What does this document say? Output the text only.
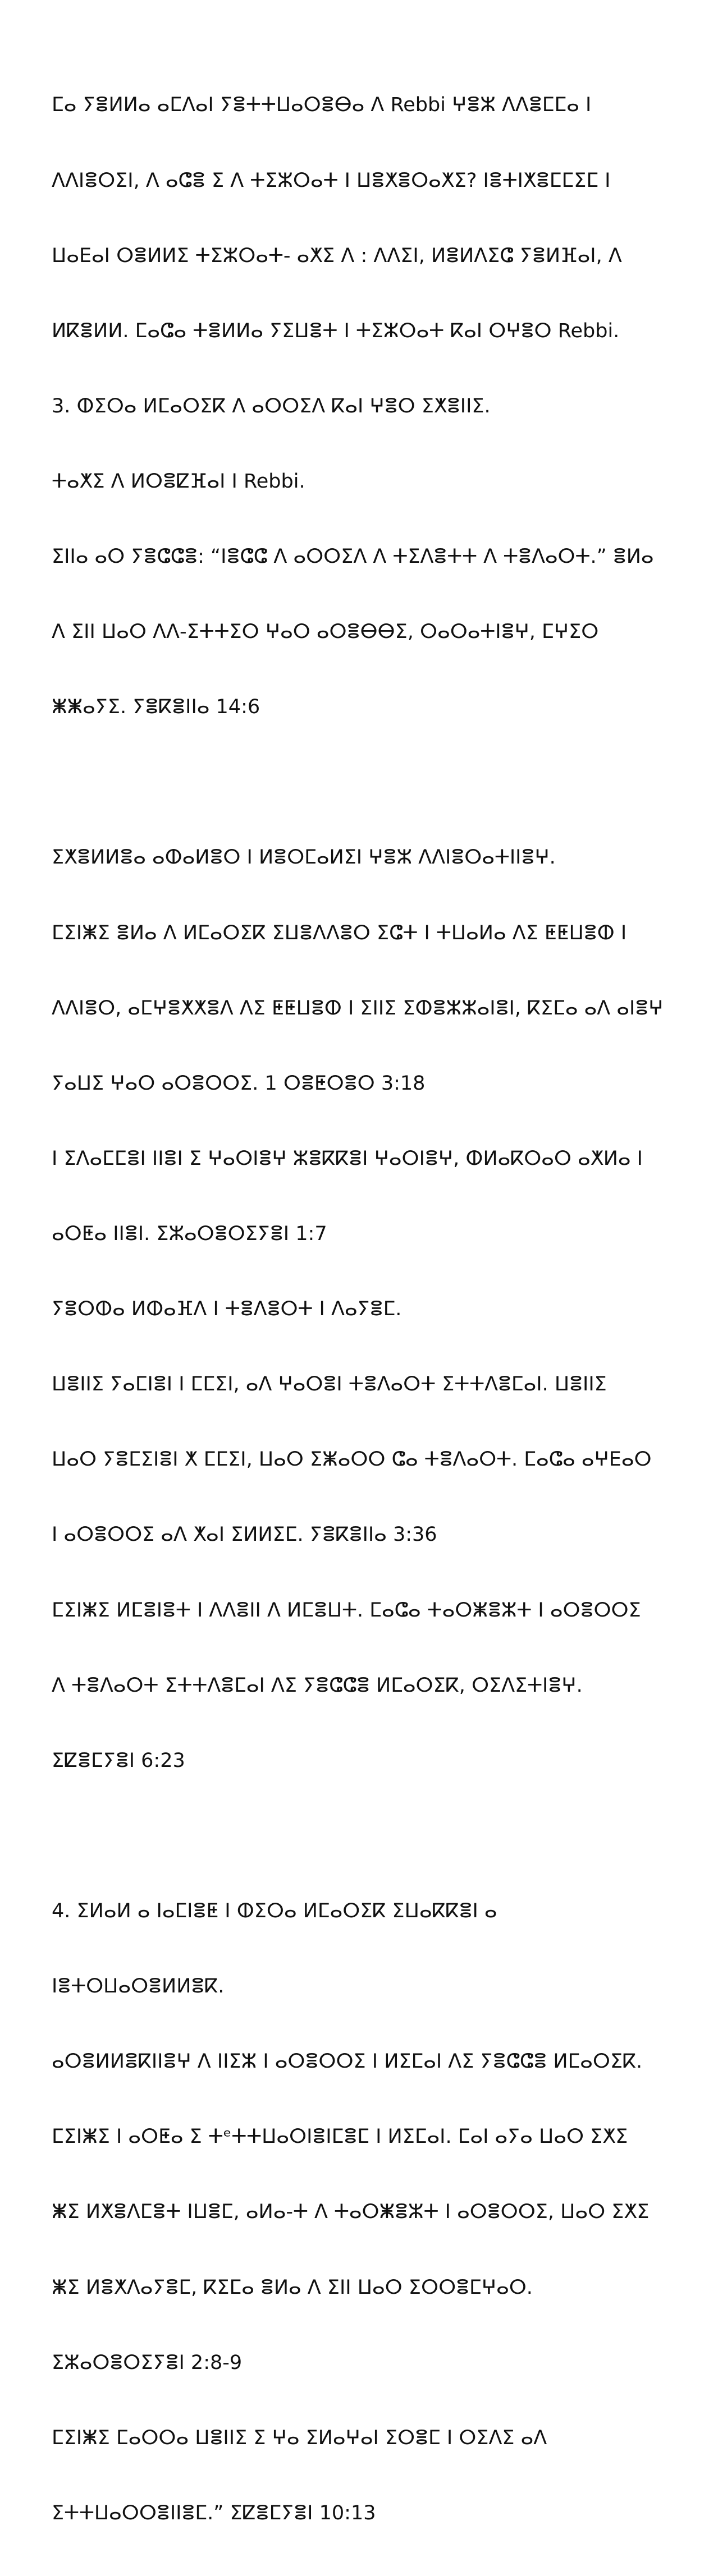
ⵎⴰ ⵢⴻⵍⵍⴰ ⴰⵎⴷⴰⵏ ⵢⴻⵜⵜⵡⴰⵔⴻⴱⴰ ⴷ Rebbi ⵖⴻⵣ ⴷⴷⴻⵎⵎⴰ ⵏ

ⴷⴷⵏⴻⵔⵉⵏ, ⴷ ⴰⵛⴻ ⵉ ⴷ ⵜⵉⵣⵔⴰⵜ ⵏ ⵡⴻⵅⴻⵔⴰⵅⵉ? ⵏⴻⵜⵏⵅⴻⵎⵎⵉⵎ ⵏ

ⵡⴰⴹⴰⵏ ⵔⴻⵍⵍⵉ ⵜⵉⵣⵔⴰⵜ- ⴰⵅⵉ ⴷ : ⴷⴷⵉⵏ, ⵍⴻⵍⴷⵉⵛ ⵢⴻⵍⴼⴰⵏ, ⴷ

ⵍⴽⴻⵍⵍ. ⵎⴰⵛⴰ ⵜⴻⵍⵍⴰ ⵢⵉⵡⴻⵜ ⵏ ⵜⵉⵣⵔⴰⵜ ⴽⴰⵏ ⵔⵖⴻⵔ Rebbi.

3. ⵀⵉⵔⴰ ⵍⵎⴰⵔⵉⴽ ⴷ ⴰⵔⵔⵉⴷ ⴽⴰⵏ ⵖⴻⵔ ⵉⵅⴻⵏⵏⵉ.

ⵜⴰⵅⵉ ⴷ ⵍⵔⴻⵇⴼⴰⵏ ⵏ Rebbi.

ⵉⵏⵏⴰ ⴰⵔ ⵢⴻⵛⵛⴻ: “ⵏⴻⵛⵛ ⴷ ⴰⵔⵔⵉⴷ ⴷ ⵜⵉⴷⴻⵜⵜ ⴷ ⵜⴻⴷⴰⵔⵜ.” ⴻⵍⴰ

ⴷ ⵉⵏⵏ ⵡⴰⵔ ⴷⴷ-ⵉⵜⵜⵉⵔ ⵖⴰⵔ ⴰⵔⴻⴱⴱⵉ, ⵔⴰⵔⴰⵜⵏⴻⵖ, ⵎⵖⵉⵔ

ⵥⵥⴰⵢⵉ. ⵢⴻⴽⴻⵏⵏⴰ 14:6

ⵉⵅⴻⵍⵍⴻⴰ ⴰⵀⴰⵍⴻⵔ ⵏ ⵍⴻⵔⵎⴰⵍⵉⵏ ⵖⴻⵣ ⴷⴷⵏⴻⵔⴰⵜⵏⵏⴻⵖ.

ⵎⵉⵏⵥⵉ ⴻⵍⴰ ⴷ ⵍⵎⴰⵔⵉⴽ ⵉⵡⴻⴷⴷⴻⵔ ⵉⵛⵜ ⵏ ⵜⵡⴰⵍⴰ ⴷⵉ ⵟⵟⵡⴻⵀ ⵏ

ⴷⴷⵏⴻⵔ, ⴰⵎⵖⴻⵅⵅⴻⴷ ⴷⵉ ⵟⵟⵡⴻⵀ ⵏ ⵉⵏⵏⵉ ⵉⵀⴻⵣⵣⴰⵏⴻⵏ, ⴽⵉⵎⴰ ⴰⴷ ⴰⵏⴻⵖ

ⵢⴰⵡⵉ ⵖⴰⵔ ⴰⵔⴻⵔⵔⵉ. 1 ⵔⴻⵟⵔⴻⵔ 3:18

ⵏ ⵉⴷⴰⵎⵎⴻⵏ ⵏⵏⴻⵏ ⵉ ⵖⴰⵔⵏⴻⵖ ⵣⴻⴽⴽⴻⵏ ⵖⴰⵔⵏⴻⵖ, ⵀⵍⴰⴽⵔⴰⵔ ⴰⵅⵍⴰ ⵏ

ⴰⵔⵟⴰ ⵏⵏⴻⵏ. ⵉⵣⴰⵔⴻⵔⵉⵢⴻⵏ 1:7

ⵢⴻⵔⵀⴰ ⵍⵀⴰⴼⴷ ⵏ ⵜⴻⴷⴻⵔⵜ ⵏ ⴷⴰⵢⴻⵎ.

ⵡⴻⵏⵏⵉ ⵢⴰⵎⵏⴻⵏ ⵏ ⵎⵎⵉⵏ, ⴰⴷ ⵖⴰⵔⴻⵏ ⵜⴻⴷⴰⵔⵜ ⵉⵜⵜⴷⴻⵎⴰⵏ. ⵡⴻⵏⵏⵉ

ⵡⴰⵔ ⵢⴻⵎⵉⵏⴻⵏ ⵅ ⵎⵎⵉⵏ, ⵡⴰⵔ ⵉⵥⴰⵔⵔ ⵛⴰ ⵜⴻⴷⴰⵔⵜ. ⵎⴰⵛⴰ ⴰⵖⴹⴰⵔ

ⵏ ⴰⵔⴻⵔⵔⵉ ⴰⴷ ⵅⴰⵏ ⵉⵍⵍⵉⵎ. ⵢⴻⴽⴻⵏⵏⴰ 3:36

ⵎⵉⵏⵥⵉ ⵍⵎⴻⵏⴻⵜ ⵏ ⴷⴷⴻⵏⵏ ⴷ ⵍⵎⴻⵡⵜ. ⵎⴰⵛⴰ ⵜⴰⵔⵥⴻⵣⵜ ⵏ ⴰⵔⴻⵔⵔⵉ

ⴷ ⵜⴻⴷⴰⵔⵜ ⵉⵜⵜⴷⴻⵎⴰⵏ ⴷⵉ ⵢⴻⵛⵛⴻ ⵍⵎⴰⵔⵉⴽ, ⵔⵉⴷⵉⵜⵏⴻⵖ.

ⵉⵇⴻⵎⵢⴻⵏ 6:23

4. ⵉⵍⴰⵍ ⴰ ⵏⴰⵎⵏⴻⵟ ⵏ ⵀⵉⵔⴰ ⵍⵎⴰⵔⵉⴽ ⵉⵡⴰⴽⴽⴻⵏ ⴰ

ⵏⴻⵜⵔⵡⴰⵔⴻⵍⵍⴻⴽ.

ⴰⵔⴻⵍⵍⴻⴽⵏⵏⴻⵖ ⴷ ⵏⵏⵉⵣ ⵏ ⴰⵔⴻⵔⵔⵉ ⵏ ⵍⵉⵎⴰⵏ ⴷⵉ ⵢⴻⵛⵛⴻ ⵍⵎⴰⵔⵉⴽ.

ⵎⵉⵏⵥⵉ ⵏ ⴰⵔⵟⴰ ⵉ ⵜᵉⵜⵜⵡⴰⵔⵏⴻⵏⵎⴻⵎ ⵏ ⵍⵉⵎⴰⵏ. ⵎⴰⵏ ⴰⵢⴰ ⵡⴰⵔ ⵉⵅⵉ

ⵥⵉ ⵍⵅⴻⴷⵎⴻⵜ ⵏⵡⴻⵎ, ⴰⵍⴰ-ⵜ ⴷ ⵜⴰⵔⵥⴻⵣⵜ ⵏ ⴰⵔⴻⵔⵔⵉ, ⵡⴰⵔ ⵉⵅⵉ

ⵥⵉ ⵍⴻⵅⴷⴰⵢⴻⵎ, ⴽⵉⵎⴰ ⴻⵍⴰ ⴷ ⵉⵏⵏ ⵡⴰⵔ ⵉⵔⵔⴻⵎⵖⴰⵔ.

ⵉⵣⴰⵔⴻⵔⵉⵢⴻⵏ 2:8-9

ⵎⵉⵏⵥⵉ ⵎⴰⵔⵔⴰ ⵡⴻⵏⵏⵉ ⵉ ⵖⴰ ⵉⵍⴰⵖⴰⵏ ⵉⵔⴻⵎ ⵏ ⵔⵉⴷⵉ ⴰⴷ

ⵉⵜⵜⵡⴰⵔⵔⴻⵏⵏⴻⵎ.” ⵉⵇⴻⵎⵢⴻⵏ 10:13
